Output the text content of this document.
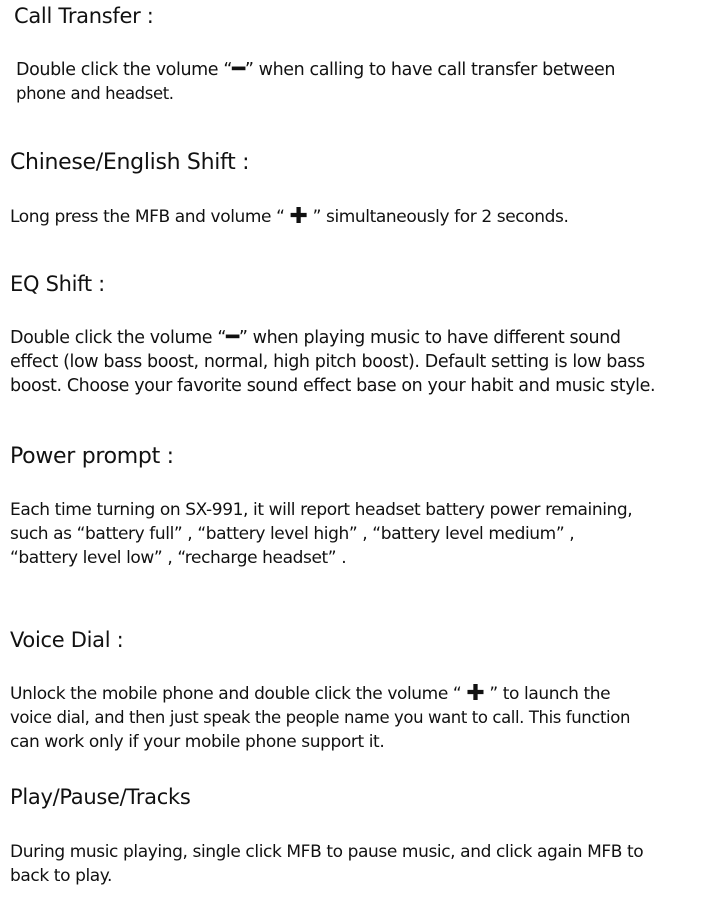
Call Transfer :

Double click the volume “━” when calling to have call transfer between
phone and headset.

Chinese/English Shift :

Long press the MFB and volume “ ✚ ” simultaneously for 2 seconds.

EQ Shift :

Double click the volume “━” when playing music to have different sound
effect (low bass boost, normal, high pitch boost). Default setting is low bass
boost. Choose your favorite sound effect base on your habit and music style.

Power prompt :

Each time turning on SX-991, it will report headset battery power remaining,
such as “battery full” , “battery level high” , “battery level medium” ,
“battery level low” , “recharge headset” .

Voice Dial :

Unlock the mobile phone and double click the volume “ ✚ ” to launch the
voice dial, and then just speak the people name you want to call. This function
can work only if your mobile phone support it.

Play/Pause/Tracks

During music playing, single click MFB to pause music, and click again MFB to
back to play.
